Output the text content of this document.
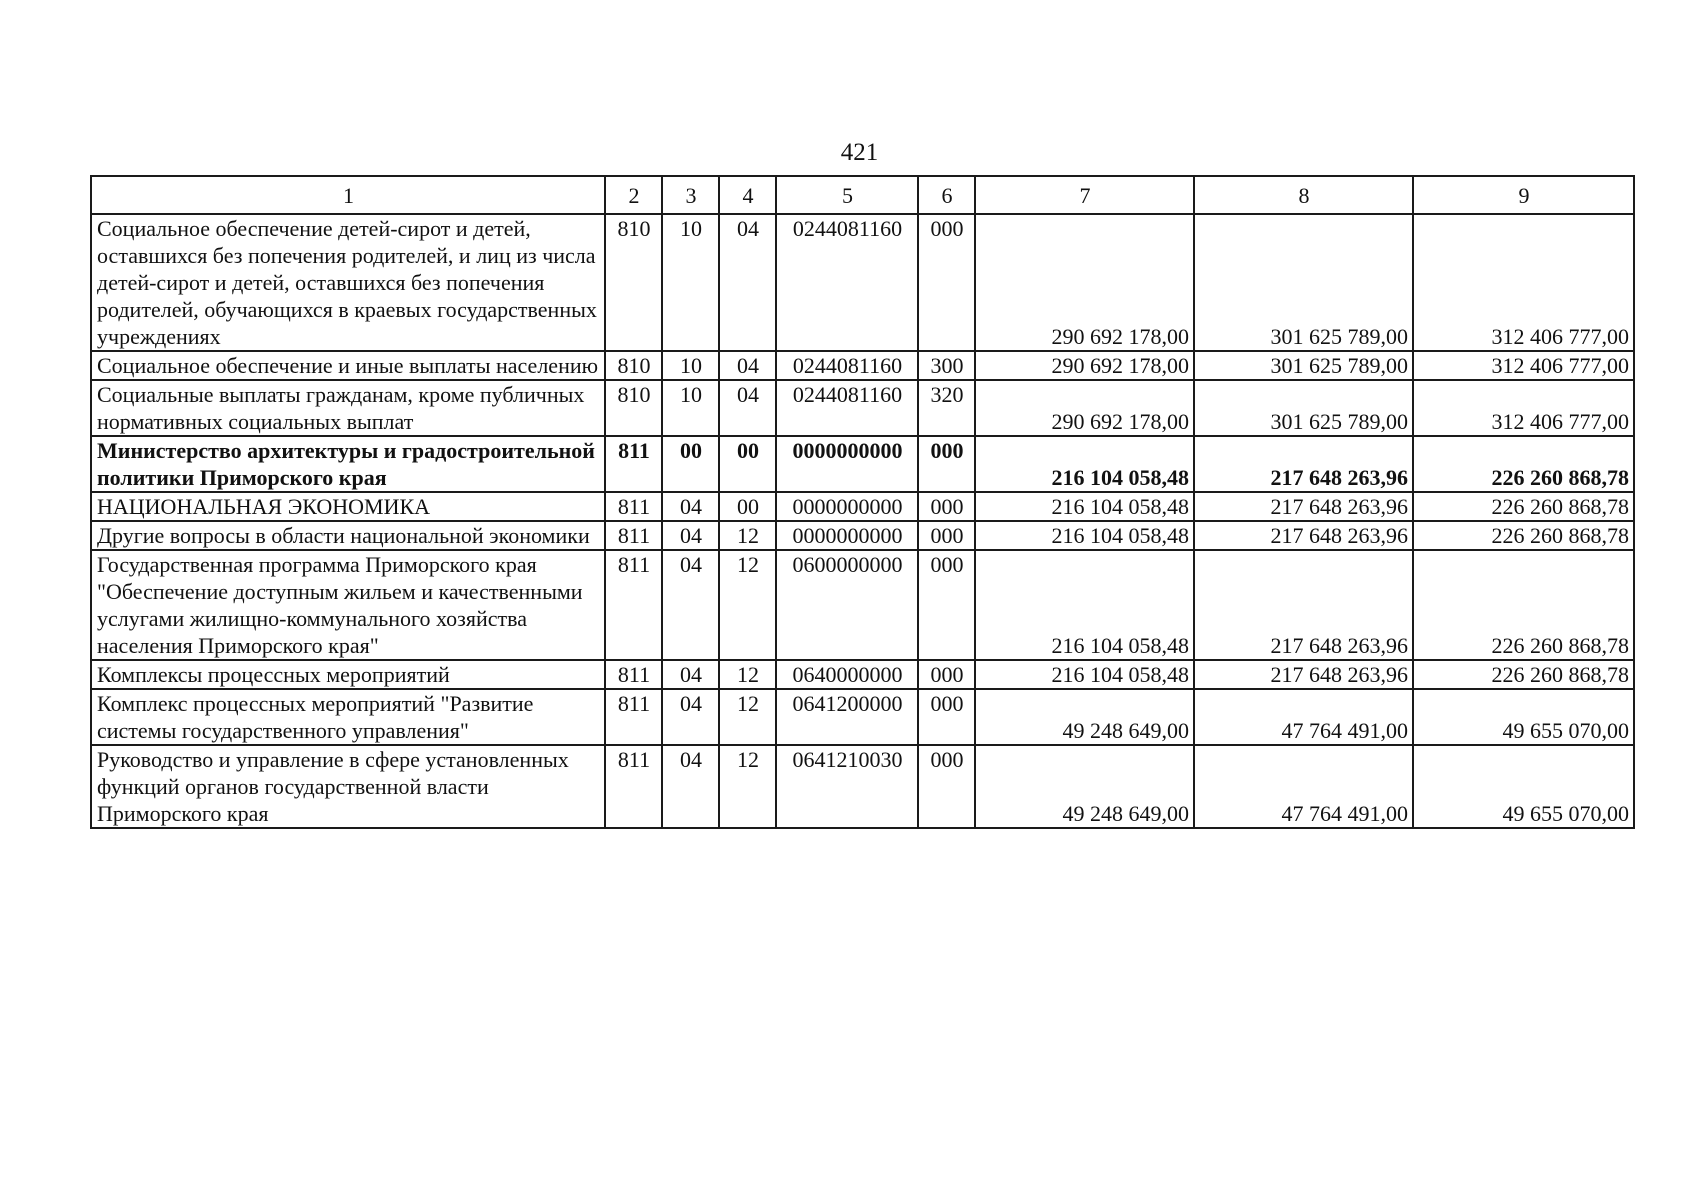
421
1	2	3	4	5	6	7	8	9
Социальное обеспечение детей-сирот и детей, оставшихся без попечения родителей, и лиц из числа детей-сирот и детей, оставшихся без попечения родителей, обучающихся в краевых государственных учреждениях	810	10	04	0244081160	000	290 692 178,00	301 625 789,00	312 406 777,00
Социальное обеспечение и иные выплаты населению	810	10	04	0244081160	300	290 692 178,00	301 625 789,00	312 406 777,00
Социальные выплаты гражданам, кроме публичных нормативных социальных выплат	810	10	04	0244081160	320	290 692 178,00	301 625 789,00	312 406 777,00
Министерство архитектуры и градостроительной политики Приморского края	811	00	00	0000000000	000	216 104 058,48	217 648 263,96	226 260 868,78
НАЦИОНАЛЬНАЯ ЭКОНОМИКА	811	04	00	0000000000	000	216 104 058,48	217 648 263,96	226 260 868,78
Другие вопросы в области национальной экономики	811	04	12	0000000000	000	216 104 058,48	217 648 263,96	226 260 868,78
Государственная программа Приморского края "Обеспечение доступным жильем и качественными услугами жилищно-коммунального хозяйства населения Приморского края"	811	04	12	0600000000	000	216 104 058,48	217 648 263,96	226 260 868,78
Комплексы процессных мероприятий	811	04	12	0640000000	000	216 104 058,48	217 648 263,96	226 260 868,78
Комплекс процессных мероприятий "Развитие системы государственного управления"	811	04	12	0641200000	000	49 248 649,00	47 764 491,00	49 655 070,00
Руководство и управление в сфере установленных функций органов государственной власти Приморского края	811	04	12	0641210030	000	49 248 649,00	47 764 491,00	49 655 070,00
